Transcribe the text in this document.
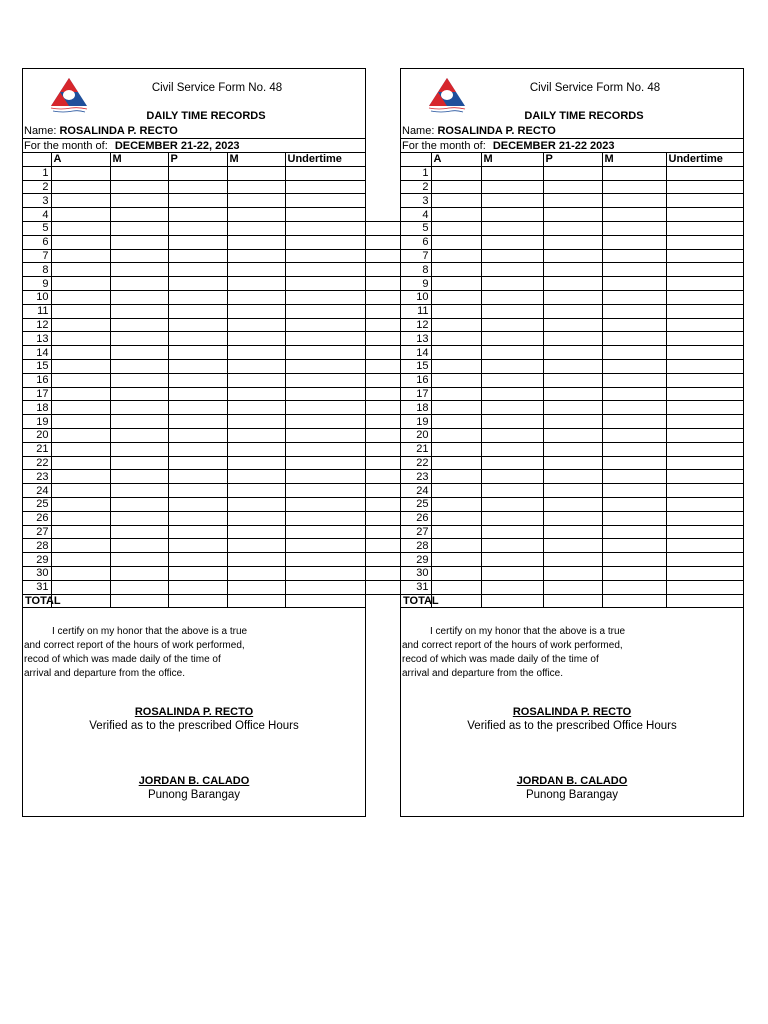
Civil Service Form No. 48
DAILY TIME RECORDS
Name: ROSALINDA P. RECTO
For the month of: DECEMBER 21-22, 2023
	A	M	P	M	Undertime
1					
2					
3					
4					
5					
6					
7					
8					
9					
10					
11					
12					
13					
14					
15					
16					
17					
18					
19					
20					
21					
22					
23					
24					
25					
26					
27					
28					
29					
30					
31					
TOTAL					

I certify on my honor that the above is a true

and correct report of the hours of work performed,

recod of which was made daily of the time of

arrival and departure from the office.

ROSALINDA P. RECTO
Verified as to the prescribed Office Hours
JORDAN B. CALADO
Punong Barangay
Civil Service Form No. 48
DAILY TIME RECORDS
Name: ROSALINDA P. RECTO
For the month of: DECEMBER 21-22 2023
	A	M	P	M	Undertime
1					
2					
3					
4					
5					
6					
7					
8					
9					
10					
11					
12					
13					
14					
15					
16					
17					
18					
19					
20					
21					
22					
23					
24					
25					
26					
27					
28					
29					
30					
31					
TOTAL					

I certify on my honor that the above is a true

and correct report of the hours of work performed,

recod of which was made daily of the time of

arrival and departure from the office.

ROSALINDA P. RECTO
Verified as to the prescribed Office Hours
JORDAN B. CALADO
Punong Barangay
